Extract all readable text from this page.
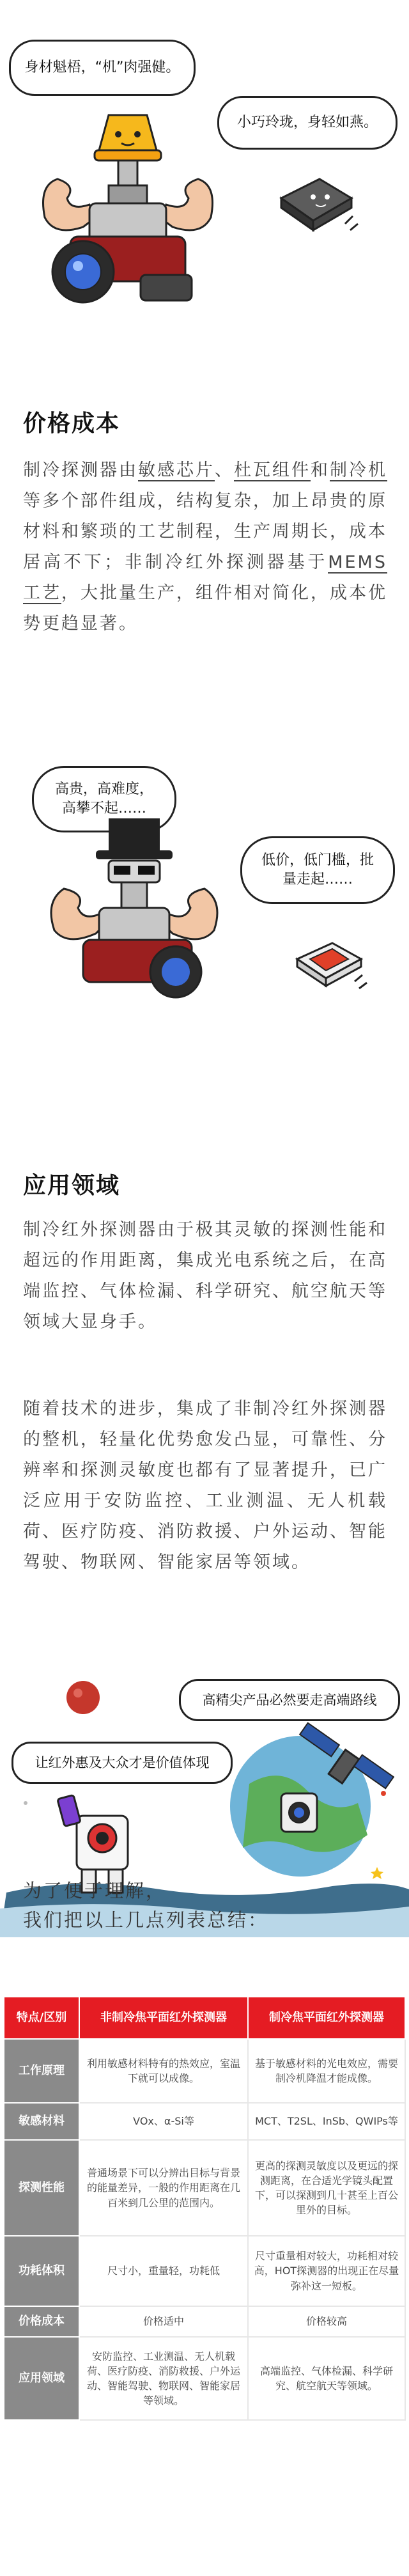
身材魁梧，“机”肉强健。
小巧玲珑，身轻如燕。
价格成本
制冷探测器由敏感芯片、杜瓦组件和制冷机等多个部件组成，结构复杂，加上昂贵的原材料和繁琐的工艺制程，生产周期长，成本居高不下；非制冷红外探测器基于MEMS工艺，大批量生产，组件相对简化，成本优势更趋显著。
高贵，高难度，高攀不起……
低价，低门槛，批量走起……
应用领域
制冷红外探测器由于极其灵敏的探测性能和超远的作用距离，集成光电系统之后，在高端监控、气体检漏、科学研究、航空航天等领域大显身手。
随着技术的进步，集成了非制冷红外探测器的整机，轻量化优势愈发凸显，可靠性、分辨率和探测灵敏度也都有了显著提升，已广泛应用于安防监控、工业测温、无人机载荷、医疗防疫、消防救援、户外运动、智能驾驶、物联网、智能家居等领域。
高精尖产品必然要走高端路线
让红外惠及大众才是价值体现
为了便于理解，
我们把以上几点列表总结：
特点/区别	非制冷焦平面红外探测器	制冷焦平面红外探测器
工作原理	利用敏感材料特有的热效应，室温下就可以成像。	基于敏感材料的光电效应，需要制冷机降温才能成像。
敏感材料	VOx、α-Si等	MCT、T2SL、InSb、QWIPs等
探测性能	普通场景下可以分辨出目标与背景的能量差异，一般的作用距离在几百米到几公里的范围内。	更高的探测灵敏度以及更远的探测距离，在合适光学镜头配置下，可以探测到几十甚至上百公里外的目标。
功耗体积	尺寸小，重量轻，功耗低	尺寸重量相对较大，功耗相对较高，HOT探测器的出现正在尽量弥补这一短板。
价格成本	价格适中	价格较高
应用领域	安防监控、工业测温、无人机载荷、医疗防疫、消防救援、户外运动、智能驾驶、物联网、智能家居等领域。	高端监控、气体检漏、科学研究、航空航天等领域。
